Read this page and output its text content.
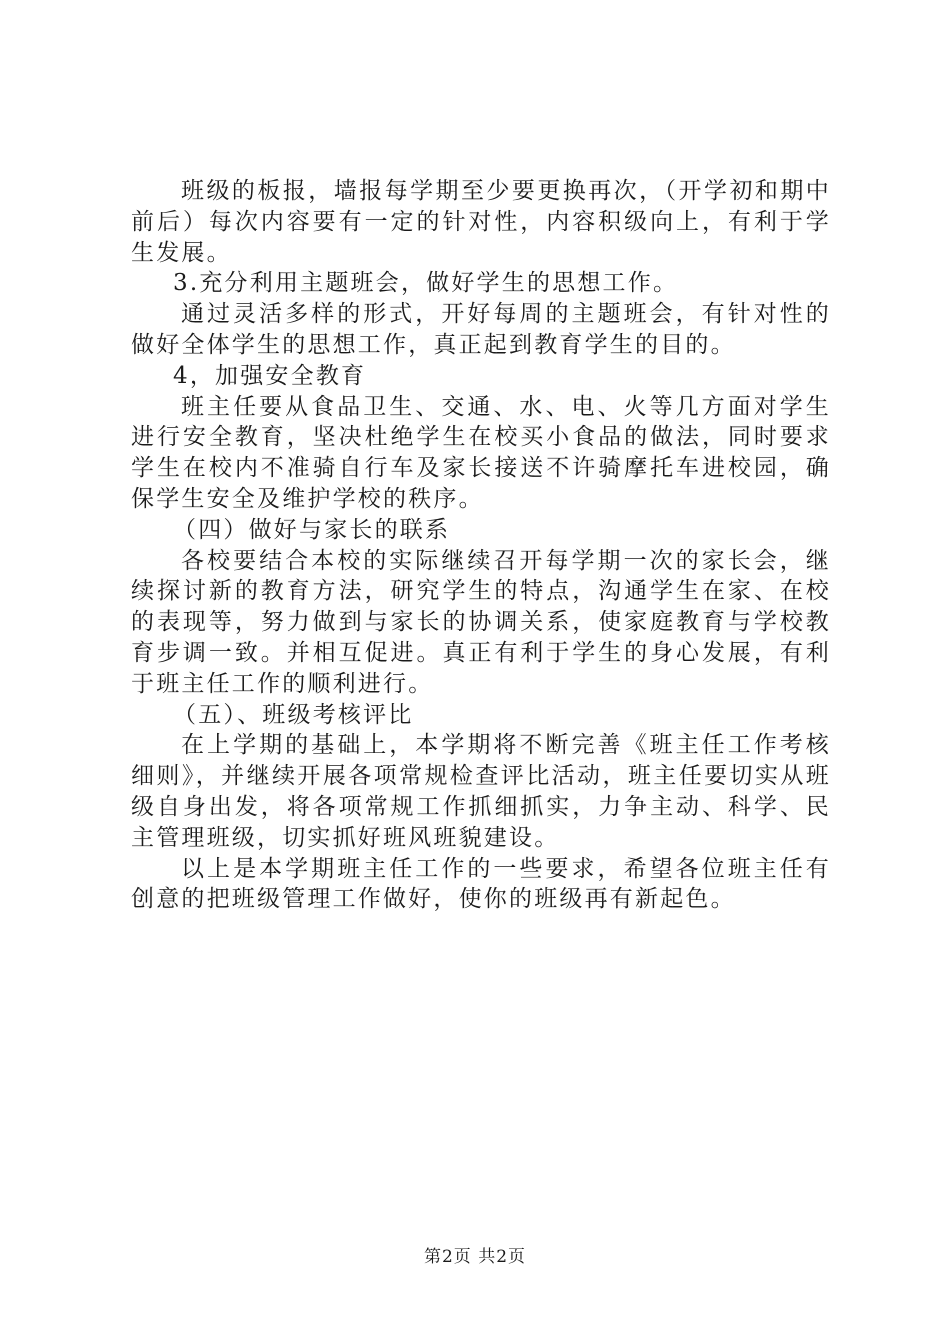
班级的板报，墙报每学期至少要更换再次，（开学初和期中前后）每次内容要有一定的针对性，内容积级向上，有利于学生发展。

3.充分利用主题班会，做好学生的思想工作。

通过灵活多样的形式，开好每周的主题班会，有针对性的做好全体学生的思想工作，真正起到教育学生的目的。

4，加强安全教育

班主任要从食品卫生、交通、水、电、火等几方面对学生进行安全教育，坚决杜绝学生在校买小食品的做法，同时要求学生在校内不准骑自行车及家长接送不许骑摩托车进校园，确保学生安全及维护学校的秩序。

（四）做好与家长的联系

各校要结合本校的实际继续召开每学期一次的家长会，继续探讨新的教育方法，研究学生的特点，沟通学生在家、在校的表现等，努力做到与家长的协调关系，使家庭教育与学校教育步调一致。并相互促进。真正有利于学生的身心发展，有利于班主任工作的顺利进行。

（五）、班级考核评比

在上学期的基础上，本学期将不断完善《班主任工作考核细则》，并继续开展各项常规检查评比活动，班主任要切实从班级自身出发，将各项常规工作抓细抓实，力争主动、科学、民主管理班级，切实抓好班风班貌建设。

以上是本学期班主任工作的一些要求，希望各位班主任有创意的把班级管理工作做好，使你的班级再有新起色。

第2页 共2页
